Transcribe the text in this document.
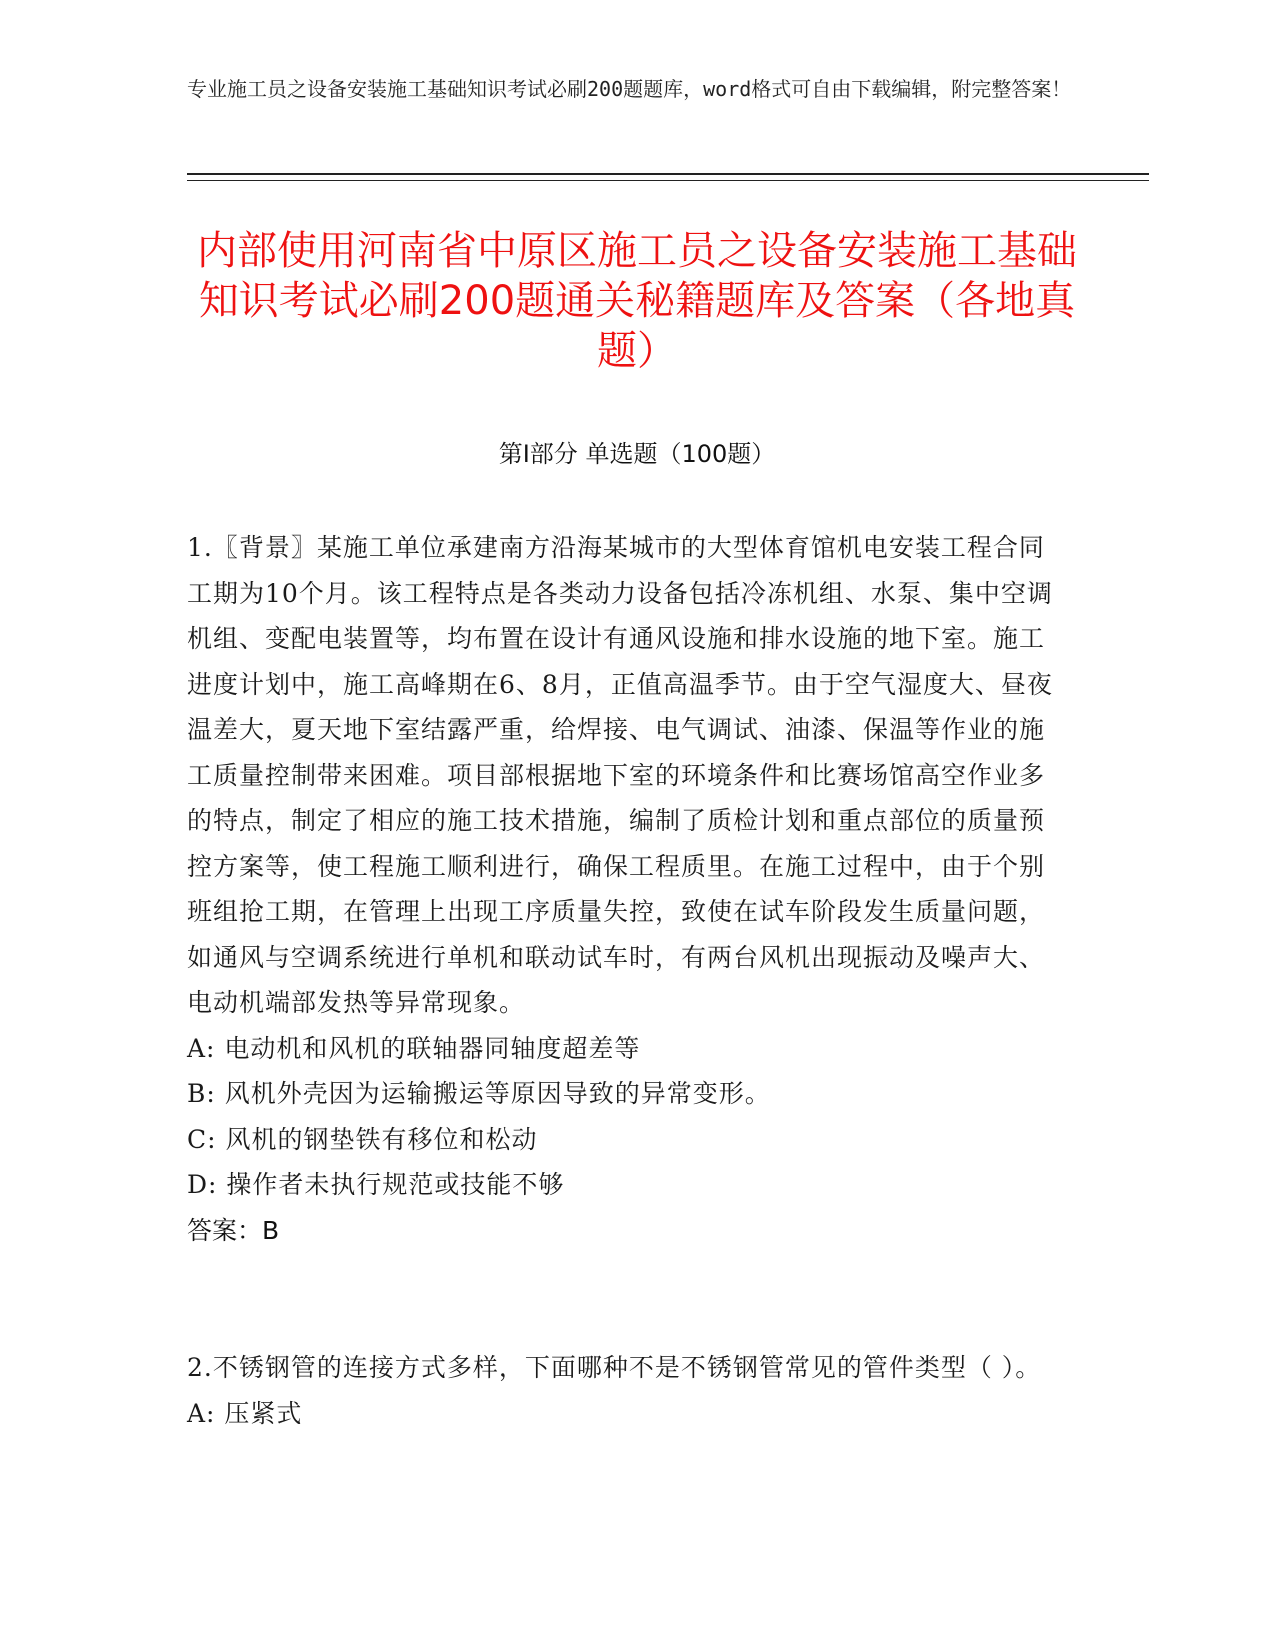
专业施工员之设备安装施工基础知识考试必刷200题题库，word格式可自由下载编辑，附完整答案！
内部使用河南省中原区施工员之设备安装施工基础知识考试必刷200题通关秘籍题库及答案（各地真题）
第Ⅰ部分 单选题（100题）
1.〖背景〗某施工单位承建南方沿海某城市的大型体育馆机电安装工程合同工期为10个月。该工程特点是各类动力设备包括冷冻机组、水泵、集中空调机组、变配电装置等，均布置在设计有通风设施和排水设施的地下室。施工进度计划中，施工高峰期在6、8月，正值高温季节。由于空气湿度大、昼夜温差大，夏天地下室结露严重，给焊接、电气调试、油漆、保温等作业的施工质量控制带来困难。项目部根据地下室的环境条件和比赛场馆高空作业多的特点，制定了相应的施工技术措施，编制了质检计划和重点部位的质量预控方案等，使工程施工顺利进行，确保工程质里。在施工过程中，由于个别班组抢工期，在管理上出现工序质量失控，致使在试车阶段发生质量问题，如通风与空调系统进行单机和联动试车时，有两台风机出现振动及噪声大、电动机端部发热等异常现象。
A: 电动机和风机的联轴器同轴度超差等
B: 风机外壳因为运输搬运等原因导致的异常变形。
C: 风机的钢垫铁有移位和松动
D: 操作者未执行规范或技能不够
答案：B
2.不锈钢管的连接方式多样，下面哪种不是不锈钢管常见的管件类型（ ）。
A: 压紧式
